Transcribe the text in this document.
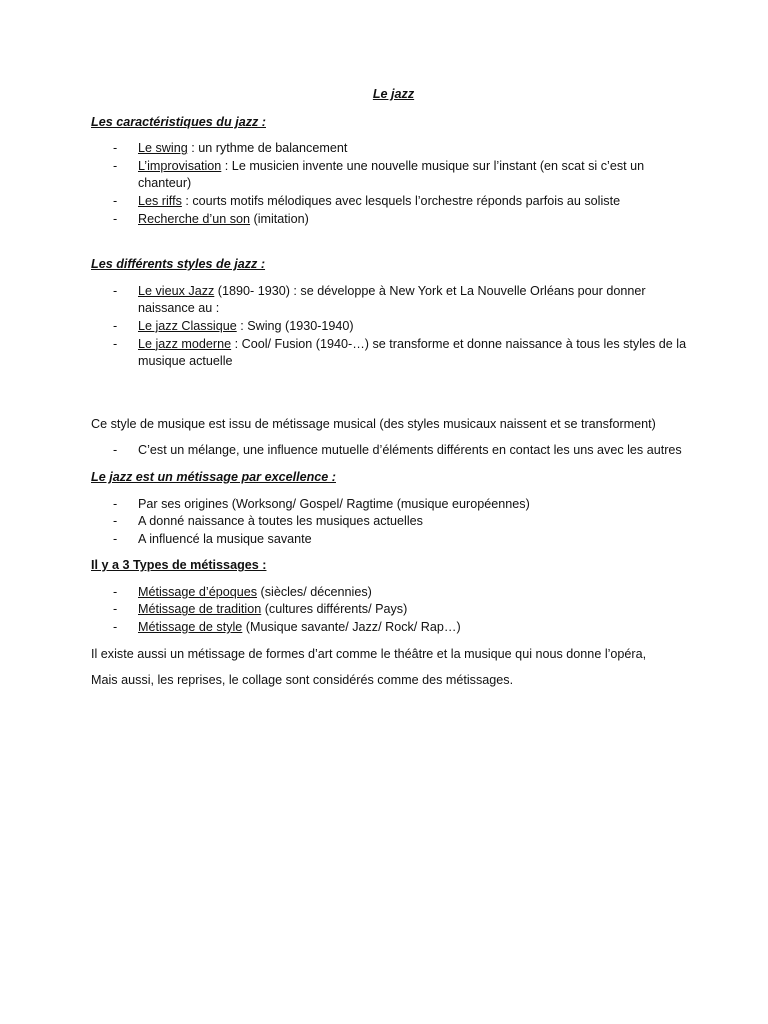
Le jazz
Les caractéristiques du jazz :
- Le swing : un rythme de balancement
- L’improvisation : Le musicien invente une nouvelle musique sur l’instant (en scat si c’est un chanteur)
- Les riffs : courts motifs mélodiques avec lesquels l’orchestre réponds parfois au soliste
- Recherche d’un son (imitation)
Les différents styles de jazz :
- Le vieux Jazz (1890- 1930) : se développe à New York et La Nouvelle Orléans pour donner naissance au :
- Le jazz Classique : Swing (1930-1940)
- Le jazz moderne : Cool/ Fusion (1940-…) se transforme et donne naissance à tous les styles de la musique actuelle

Ce style de musique est issu de métissage musical (des styles musicaux naissent et se transforment)

- C’est un mélange, une influence mutuelle d’éléments différents en contact les uns avec les autres
Le jazz est un métissage par excellence :
- Par ses origines (Worksong/ Gospel/ Ragtime (musique européennes)
- A donné naissance à toutes les musiques actuelles
- A influencé la musique savante
Il y a 3 Types de métissages :
- Métissage d’époques (siècles/ décennies)
- Métissage de tradition (cultures différents/ Pays)
- Métissage de style (Musique savante/ Jazz/ Rock/ Rap…)

Il existe aussi un métissage de formes d’art comme le théâtre et la musique qui nous donne l’opéra,

Mais aussi, les reprises, le collage sont considérés comme des métissages.
